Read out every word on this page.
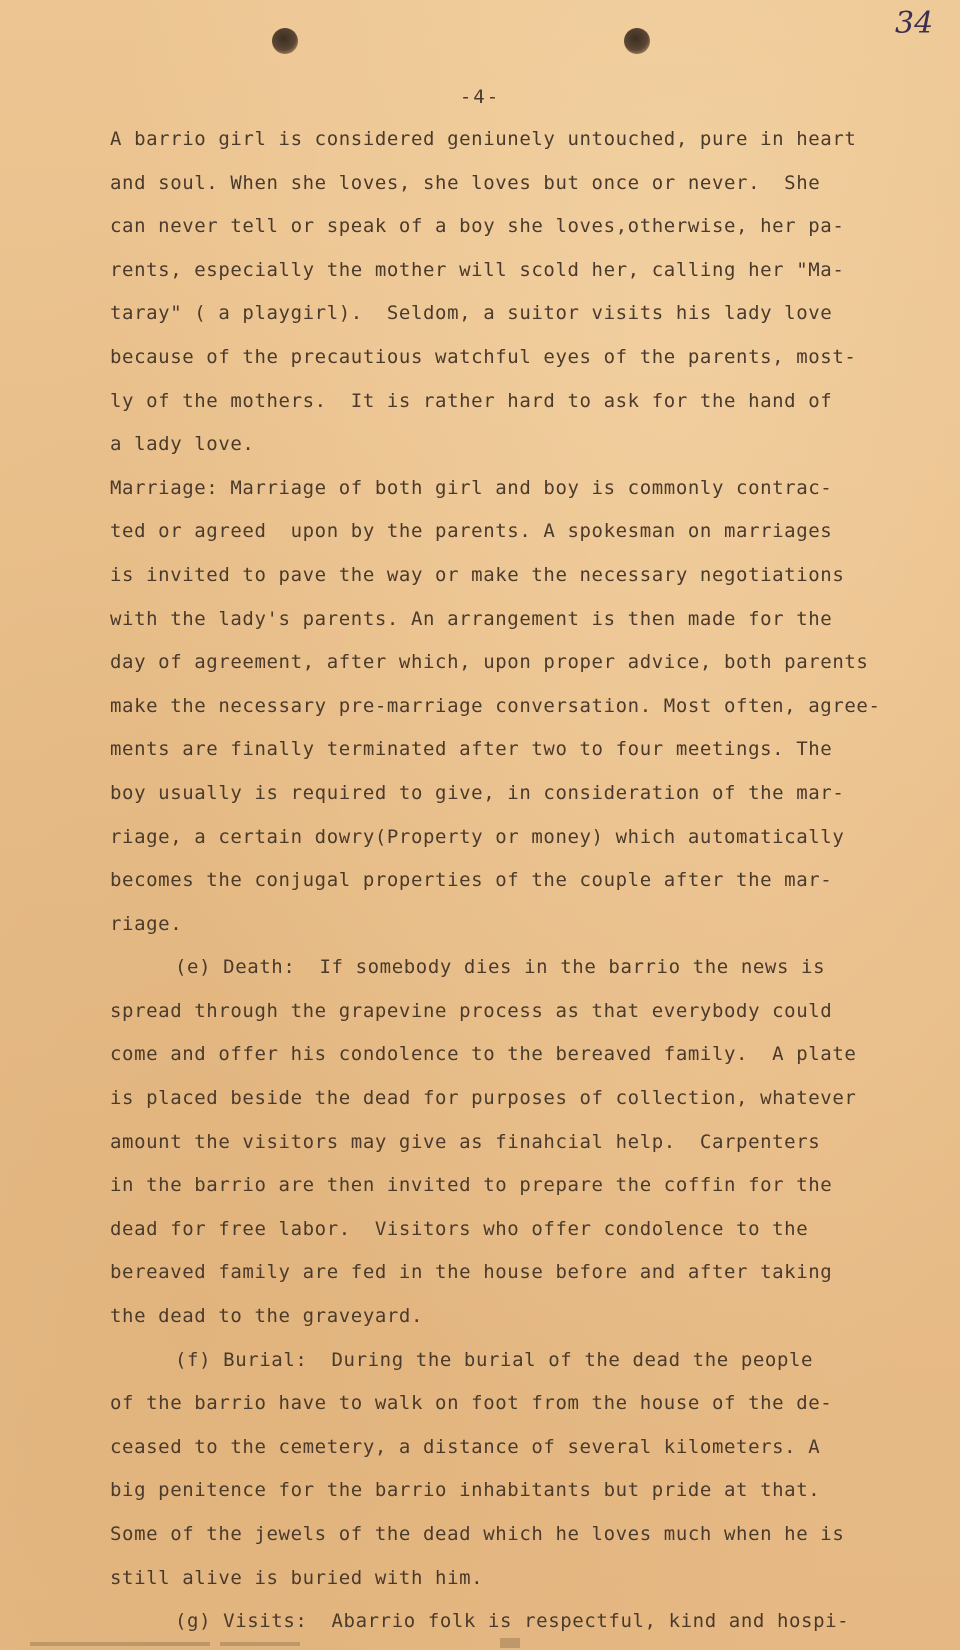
34
-4-
A barrio girl is considered geniunely untouched, pure in heart
and soul. When she loves, she loves but once or never.  She
can never tell or speak of a boy she loves,otherwise, her pa-
rents, especially the mother will scold her, calling her "Ma-
taray" ( a playgirl).  Seldom, a suitor visits his lady love
because of the precautious watchful eyes of the parents, most-
ly of the mothers.  It is rather hard to ask for the hand of
a lady love.
Marriage: Marriage of both girl and boy is commonly contrac-
ted or agreed  upon by the parents. A spokesman on marriages
is invited to pave the way or make the necessary negotiations
with the lady's parents. An arrangement is then made for the
day of agreement, after which, upon proper advice, both parents
make the necessary pre-marriage conversation. Most often, agree-
ments are finally terminated after two to four meetings. The
boy usually is required to give, in consideration of the mar-
riage, a certain dowry(Property or money) which automatically
becomes the conjugal properties of the couple after the mar-
riage.
(e) Death:  If somebody dies in the barrio the news is
spread through the grapevine process as that everybody could
come and offer his condolence to the bereaved family.  A plate
is placed beside the dead for purposes of collection, whatever
amount the visitors may give as finahcial help.  Carpenters
in the barrio are then invited to prepare the coffin for the
dead for free labor.  Visitors who offer condolence to the
bereaved family are fed in the house before and after taking
the dead to the graveyard.
(f) Burial:  During the burial of the dead the people
of the barrio have to walk on foot from the house of the de-
ceased to the cemetery, a distance of several kilometers. A
big penitence for the barrio inhabitants but pride at that.
Some of the jewels of the dead which he loves much when he is
still alive is buried with him.
(g) Visits:  Abarrio folk is respectful, kind and hospi-
